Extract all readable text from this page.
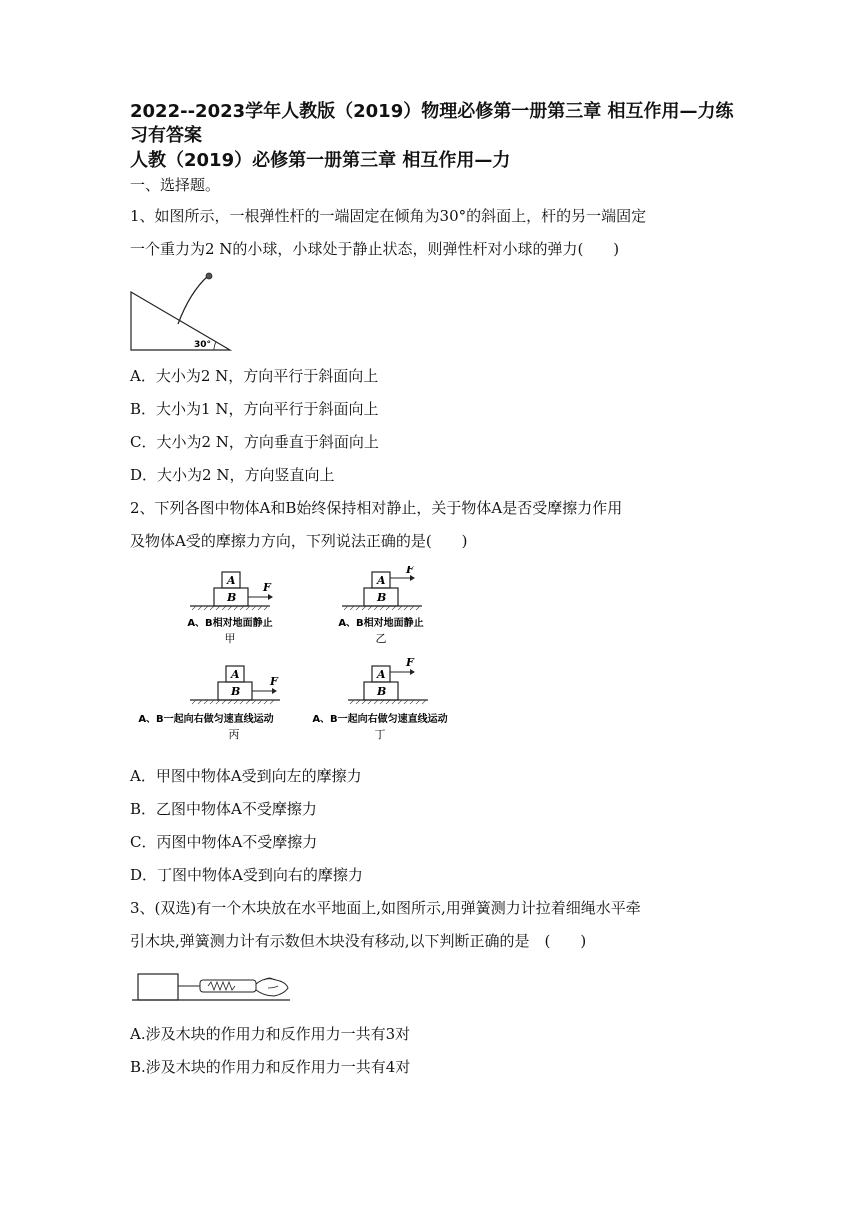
2022--2023学年人教版（2019）物理必修第一册第三章 相互作用—力练习有答案

人教（2019）必修第一册第三章 相互作用—力

一、选择题。

1、如图所示，一根弹性杆的一端固定在倾角为30°的斜面上，杆的另一端固定

一个重力为2 N的小球，小球处于静止状态，则弹性杆对小球的弹力(　　)

30°

A．大小为2 N，方向平行于斜面向上

B．大小为1 N，方向平行于斜面向上

C．大小为2 N，方向垂直于斜面向上

D．大小为2 N，方向竖直向上

2、下列各图中物体A和B始终保持相对静止，关于物体A是否受摩擦力作用

及物体A受的摩擦力方向，下列说法正确的是(　　)

A
B
F
A、B相对地面静止
甲
A
B
F
A、B相对地面静止
乙
A
B
F
A、B一起向右做匀速直线运动
丙
A
B
F
A、B一起向右做匀速直线运动
丁

A．甲图中物体A受到向左的摩擦力

B．乙图中物体A不受摩擦力

C．丙图中物体A不受摩擦力

D．丁图中物体A受到向右的摩擦力

3、(双选)有一个木块放在水平地面上,如图所示,用弹簧测力计拉着细绳水平牵

引木块,弹簧测力计有示数但木块没有移动,以下判断正确的是　(　　)

A.涉及木块的作用力和反作用力一共有3对

B.涉及木块的作用力和反作用力一共有4对
